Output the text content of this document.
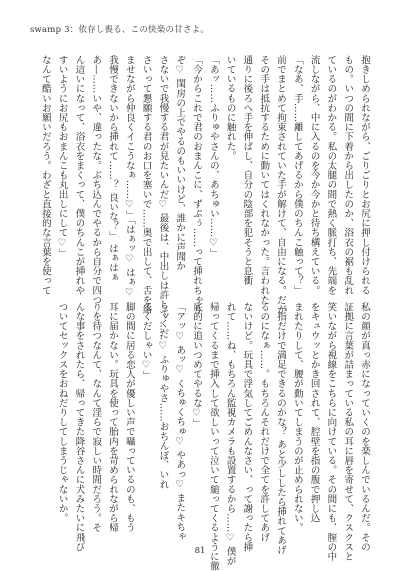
swamp 3：依存し喪る、この快楽の甘さよ。

抱きしめられながら、ごりごりとお尻に押し付けられる

もの。いつの間に下着から出したのか、浴衣の裾も乱れ

ているのがわかる。私の太腿の間で熱く脈打ち、先端を

流しながら、中に入るのを今か今かと待ち構えている。

「なあ、手……離してあげるから僕のちんこ触って？」

前でまとめて拘束されていた手が解けて、自由になる。だが

その手は抵抗するために動いてはくれなかった。言われた

通りに後ろへ手を伸ばし、自分の陰部を犯そうと息衝

いているものに触れた。

「あッ……ふりゅやさんの、あちゅい……♡」

「今からこれで君のおまんこに、ずぶぅ……って挿れちゃう

ぞ♡ 閨房の上でやるのもいいけど、誰かに声聞か

さないで我慢する君が見たいんだ♡ 最後は、中出しは許してくだ

さいって懇願する君のお口を塞いで……奥で出して、舌を絡

ませながら仲良くイこうなぁ……♡」「はぁッ♡ はぁ♡

我慢できないから挿れて……？ 良いな？」 はぁはぁ

あ―……いや、違ったな。ぶち込んでやるから自分で四つ

ん這いになって、浴衣をまくって、僕のちんこが挿れや

すいようにお尻もおまんこも丸出しにして♡」

なんて酷いお願いだろう。わざと直接的な言葉を使って

私の顔が真っ赤になっていくのを楽しんでいるんだ。その

証拠に言葉が詰まっている私の耳に唇を寄せて、クスクスと

笑いながら視線をこちらに向けている。その間にも、膣の中

をキュウッとかき回されて、腔壁を指の腹で押し込

まれたりして、腰が動いてしまうのが止められない。

「指だけで満足できるのかな？ あと少ししたら挿れてあげ

るのになぁ……。もちろんそれだけで全てを許してあげ

ないけど。玩具で浮気してごめんなさい、って謝ったら挿

れて……ね、もちろん監視カメラも設置するから……♡ 僕が

帰ってくるまで挿入して欲しいって泣いて縋ってくるように徹

底的に追いつめてやるな♡」

「アッ♡ あッ♡ くちゅくちゅ♡ やあっ♡ またキちゃ

うッ……♡ ふりゅやさ……おちんぽ、いれ

てくだしゃい♡」

脚の間に居る恋人が優しい声で囁っているのも、もう

耳に届かない。玩具を使って胎内を苛められながら帰

りを待つなんて、なんて淫らで寂しい時間だろう。そ

んな事をされたら、帰ってきた降谷さんに犬みたいに飛び

ついてセックスをおねだりしてしまうじゃないか。

81
